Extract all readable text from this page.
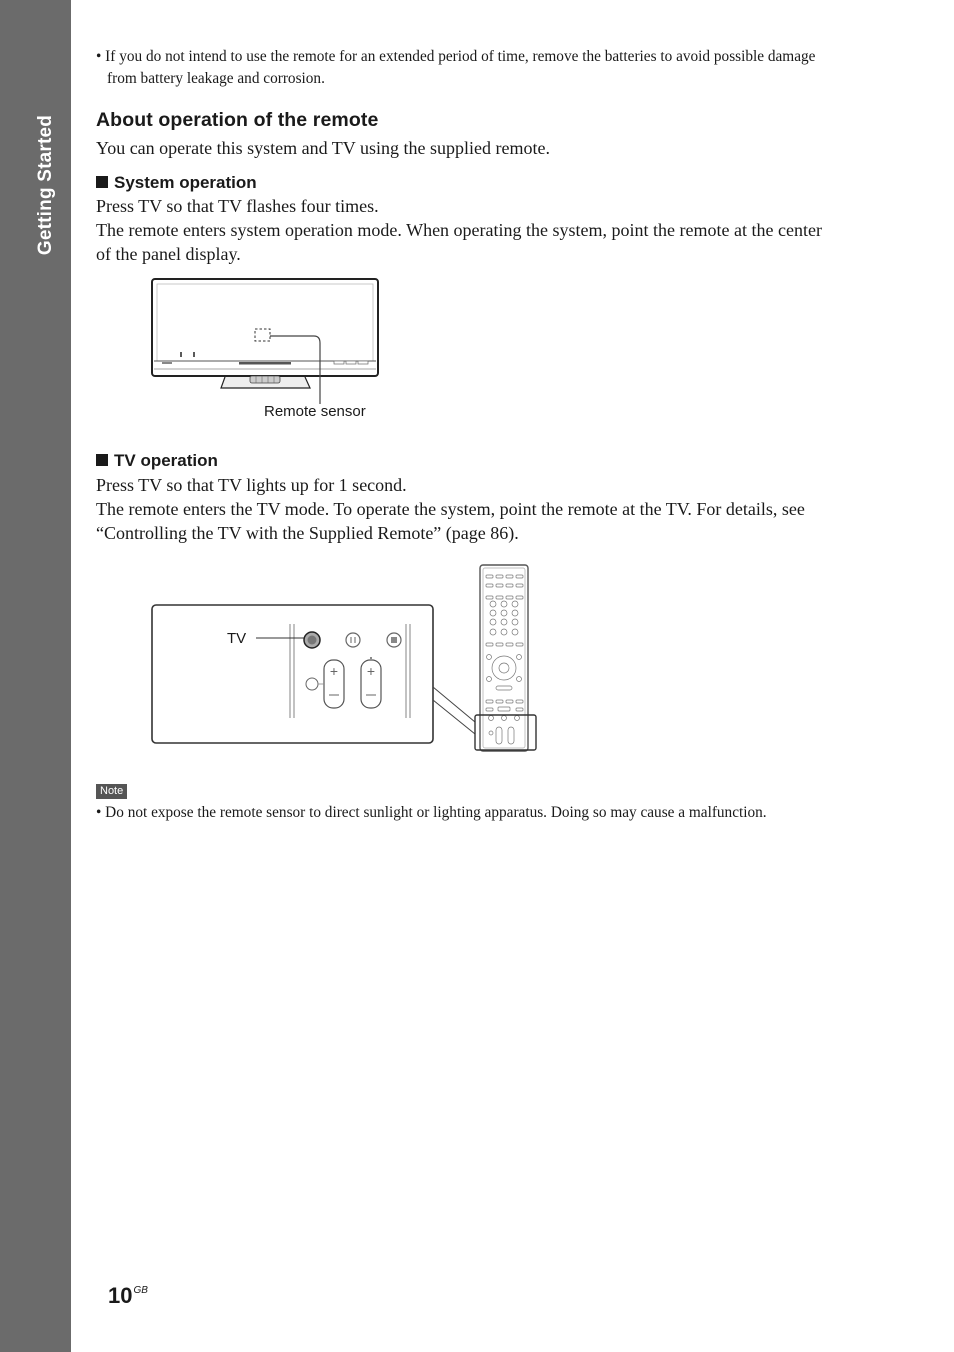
Getting Started
• If you do not intend to use the remote for an extended period of time, remove the batteries to avoid possible damage
from battery leakage and corrosion.
About operation of the remote
You can operate this system and TV using the supplied remote.
System operation
Press TV so that TV flashes four times.
The remote enters system operation mode. When operating the system, point the remote at the center
of the panel display.
Remote sensor
TV operation
Press TV so that TV lights up for 1 second.
The remote enters the TV mode. To operate the system, point the remote at the TV. For details, see
“Controlling the TV with the Supplied Remote” (page 86).
+ +
TV
Note
• Do not expose the remote sensor to direct sunlight or lighting apparatus. Doing so may cause a malfunction.
$10^{GB}$
